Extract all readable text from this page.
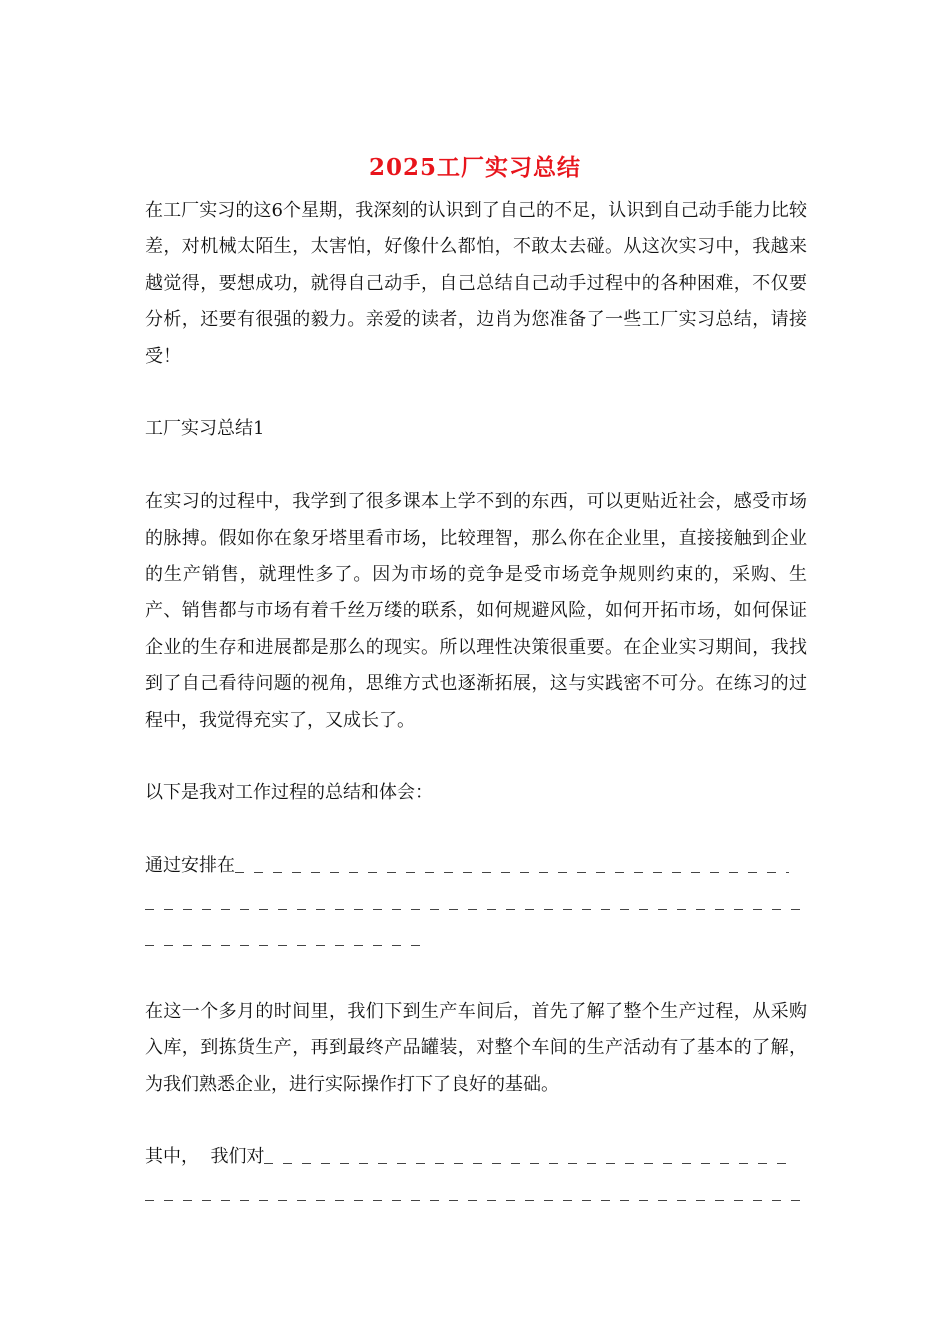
2025工厂实习总结

在工厂实习的这6个星期，我深刻的认识到了自己的不足，认识到自己动手能力比较差，对机械太陌生，太害怕，好像什么都怕，不敢太去碰。从这次实习中，我越来越觉得，要想成功，就得自己动手，自己总结自己动手过程中的各种困难，不仅要分析，还要有很强的毅力。亲爱的读者，边肖为您准备了一些工厂实习总结，请接受！

工厂实习总结1

在实习的过程中，我学到了很多课本上学不到的东西，可以更贴近社会，感受市场的脉搏。假如你在象牙塔里看市场，比较理智，那么你在企业里，直接接触到企业的生产销售，就理性多了。因为市场的竞争是受市场竞争规则约束的，采购、生产、销售都与市场有着千丝万缕的联系，如何规避风险，如何开拓市场，如何保证企业的生存和进展都是那么的现实。所以理性决策很重要。在企业实习期间，我找到了自己看待问题的视角，思维方式也逐渐拓展，这与实践密不可分。在练习的过程中，我觉得充实了，又成长了。

以下是我对工作过程的总结和体会：

通过安排在

在这一个多月的时间里，我们下到生产车间后，首先了解了整个生产过程，从采购入库，到拣货生产，再到最终产品罐装，对整个车间的生产活动有了基本的了解，为我们熟悉企业，进行实际操作打下了良好的基础。

其中，  我们对
